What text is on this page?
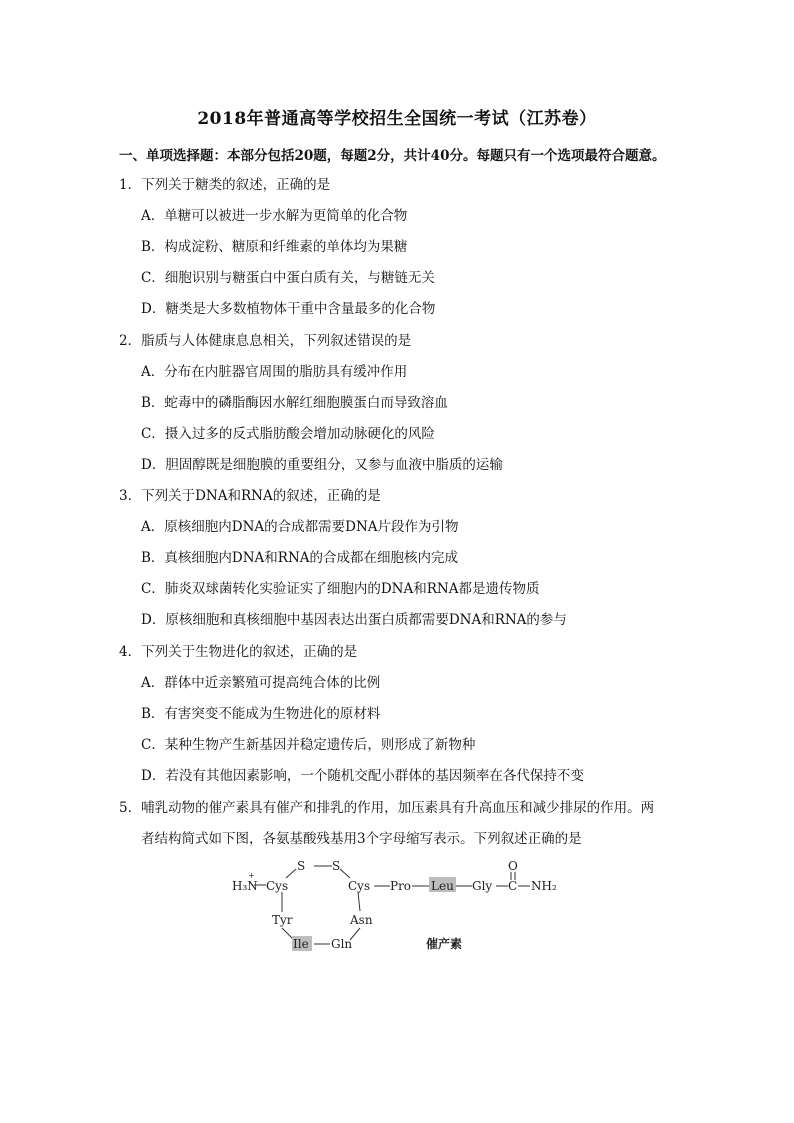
2018年普通高等学校招生全国统一考试（江苏卷）
一、单项选择题：本部分包括20题，每题2分，共计40分。每题只有一个选项最符合题意。
1．下列关于糖类的叙述，正确的是
A．单糖可以被进一步水解为更简单的化合物
B．构成淀粉、糖原和纤维素的单体均为果糖
C．细胞识别与糖蛋白中蛋白质有关，与糖链无关
D．糖类是大多数植物体干重中含量最多的化合物
2．脂质与人体健康息息相关，下列叙述错误的是
A．分布在内脏器官周围的脂肪具有缓冲作用
B．蛇毒中的磷脂酶因水解红细胞膜蛋白而导致溶血
C．摄入过多的反式脂肪酸会增加动脉硬化的风险
D．胆固醇既是细胞膜的重要组分，又参与血液中脂质的运输
3．下列关于DNA和RNA的叙述，正确的是
A．原核细胞内DNA的合成都需要DNA片段作为引物
B．真核细胞内DNA和RNA的合成都在细胞核内完成
C．肺炎双球菌转化实验证实了细胞内的DNA和RNA都是遗传物质
D．原核细胞和真核细胞中基因表达出蛋白质都需要DNA和RNA的参与
4．下列关于生物进化的叙述，正确的是
A．群体中近亲繁殖可提高纯合体的比例
B．有害突变不能成为生物进化的原材料
C．某种生物产生新基因并稳定遗传后，则形成了新物种
D．若没有其他因素影响，一个随机交配小群体的基因频率在各代保持不变
5．哺乳动物的催产素具有催产和排乳的作用，加压素具有升高血压和减少排尿的作用。两
者结构简式如下图，各氨基酸残基用3个字母缩写表示。下列叙述正确的是
H₃N
+
Cys
S S
Cys
Tyr	Asn
Ile Gln
Pro Leu Gly
O
C NH₂
催产素
